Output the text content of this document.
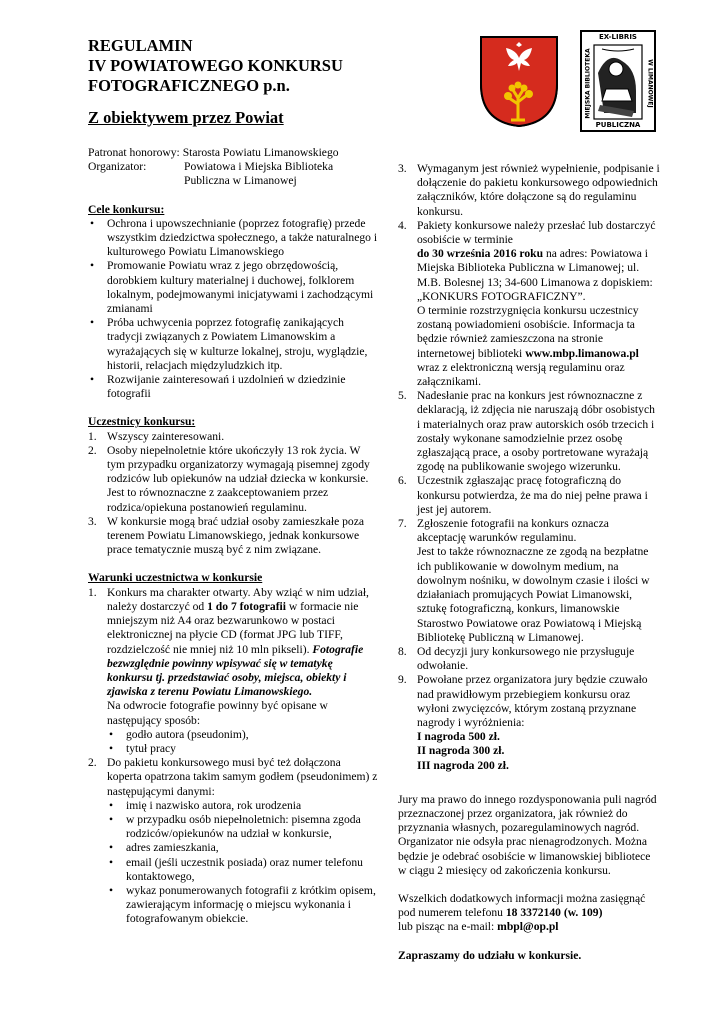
REGULAMIN
IV POWIATOWEGO KONKURSU
FOTOGRAFICZNEGO p.n.
Z obiektywem przez Powiat
EX-LIBRIS
MIEJSKA BIBLIOTEKA	W LIMANOWEJ
PUBLICZNA
Patronat honorowy: Starosta Powiatu Limanowskiego
Organizator:	Powiatowa i Miejska Biblioteka
Publiczna w Limanowej
Cele konkursu:
• Ochrona i upowszechnianie (poprzez fotografię) przede wszystkim dziedzictwa społecznego, a także naturalnego i kulturowego Powiatu Limanowskiego
• Promowanie Powiatu wraz z jego obrzędowością, dorobkiem kultury materialnej i duchowej, folklorem lokalnym, podejmowanymi inicjatywami i zachodzącymi zmianami
• Próba uchwycenia poprzez fotografię zanikających tradycji związanych z Powiatem Limanowskim a wyrażających się w kulturze lokalnej, stroju, wyglądzie, historii, relacjach międzyludzkich itp.
• Rozwijanie zainteresowań i uzdolnień w dziedzinie fotografii
Uczestnicy konkursu:
1. Wszyscy zainteresowani.
2. Osoby niepełnoletnie które ukończyły 13 rok życia. W tym przypadku organizatorzy wymagają pisemnej zgody rodziców lub opiekunów na udział dziecka w konkursie. Jest to równoznaczne z zaakceptowaniem przez rodzica/opiekuna postanowień regulaminu.
3. W konkursie mogą brać udział osoby zamieszkałe poza terenem Powiatu Limanowskiego, jednak konkursowe prace tematycznie muszą być z nim związane.
Warunki uczestnictwa w konkursie
1. Konkurs ma charakter otwarty. Aby wziąć w nim udział, należy dostarczyć od 1 do 7 fotografii w formacie nie mniejszym niż A4 oraz bezwarunkowo w postaci elektronicznej na płycie CD (format JPG lub TIFF, rozdzielczość nie mniej niż 10 mln pikseli). Fotografie bezwzględnie powinny wpisywać się w tematykę konkursu tj. przedstawiać osoby, miejsca, obiekty i zjawiska z terenu Powiatu Limanowskiego.
Na odwrocie fotografie powinny być opisane w następujący sposób:
• godło autora (pseudonim),
• tytuł pracy
2. Do pakietu konkursowego musi być też dołączona koperta opatrzona takim samym godłem (pseudonimem) z następującymi danymi:
• imię i nazwisko autora, rok urodzenia
• w przypadku osób niepełnoletnich: pisemna zgoda rodziców/opiekunów na udział w konkursie,
• adres zamieszkania,
• email (jeśli uczestnik posiada) oraz numer telefonu kontaktowego,
• wykaz ponumerowanych fotografii z krótkim opisem, zawierającym informację o miejscu wykonania i fotografowanym obiekcie.
3. Wymaganym jest również wypełnienie, podpisanie i dołączenie do pakietu konkursowego odpowiednich załączników, które dołączone są do regulaminu konkursu.
4. Pakiety konkursowe należy przesłać lub dostarczyć osobiście w terminie
do 30 września 2016 roku na adres: Powiatowa i Miejska Biblioteka Publiczna w Limanowej; ul. M.B. Bolesnej 13; 34-600 Limanowa z dopiskiem: „KONKURS FOTOGRAFICZNY”.
O terminie rozstrzygnięcia konkursu uczestnicy zostaną powiadomieni osobiście. Informacja ta będzie również zamieszczona na stronie internetowej biblioteki www.mbp.limanowa.pl wraz z elektroniczną wersją regulaminu oraz załącznikami.
5. Nadesłanie prac na konkurs jest równoznaczne z deklaracją, iż zdjęcia nie naruszają dóbr osobistych i materialnych oraz praw autorskich osób trzecich i zostały wykonane samodzielnie przez osobę zgłaszającą prace, a osoby portretowane wyrażają zgodę na publikowanie swojego wizerunku.
6. Uczestnik zgłaszając pracę fotograficzną do konkursu potwierdza, że ma do niej pełne prawa i jest jej autorem.
7. Zgłoszenie fotografii na konkurs oznacza akceptację warunków regulaminu.
Jest to także równoznaczne ze zgodą na bezpłatne ich publikowanie w dowolnym medium, na dowolnym nośniku, w dowolnym czasie i ilości w działaniach promujących Powiat Limanowski, sztukę fotograficzną, konkurs, limanowskie Starostwo Powiatowe oraz Powiatową i Miejską Bibliotekę Publiczną w Limanowej.
8. Od decyzji jury konkursowego nie przysługuje odwołanie.
9. Powołane przez organizatora jury będzie czuwało nad prawidłowym przebiegiem konkursu oraz wyłoni zwycięzców, którym zostaną przyznane nagrody i wyróżnienia:
I nagroda 500 zł.
II nagroda 300 zł.
III nagroda 200 zł.
Jury ma prawo do innego rozdysponowania puli nagród przeznaczonej przez organizatora, jak również do przyznania własnych, pozaregulaminowych nagród. Organizator nie odsyła prac nienagrodzonych. Można będzie je odebrać osobiście w limanowskiej bibliotece w ciągu 2 miesięcy od zakończenia konkursu.
Wszelkich dodatkowych informacji można zasięgnąć pod numerem telefonu 18 3372140 (w. 109)
lub pisząc na e-mail: mbpl@op.pl
Zapraszamy do udziału w konkursie.
